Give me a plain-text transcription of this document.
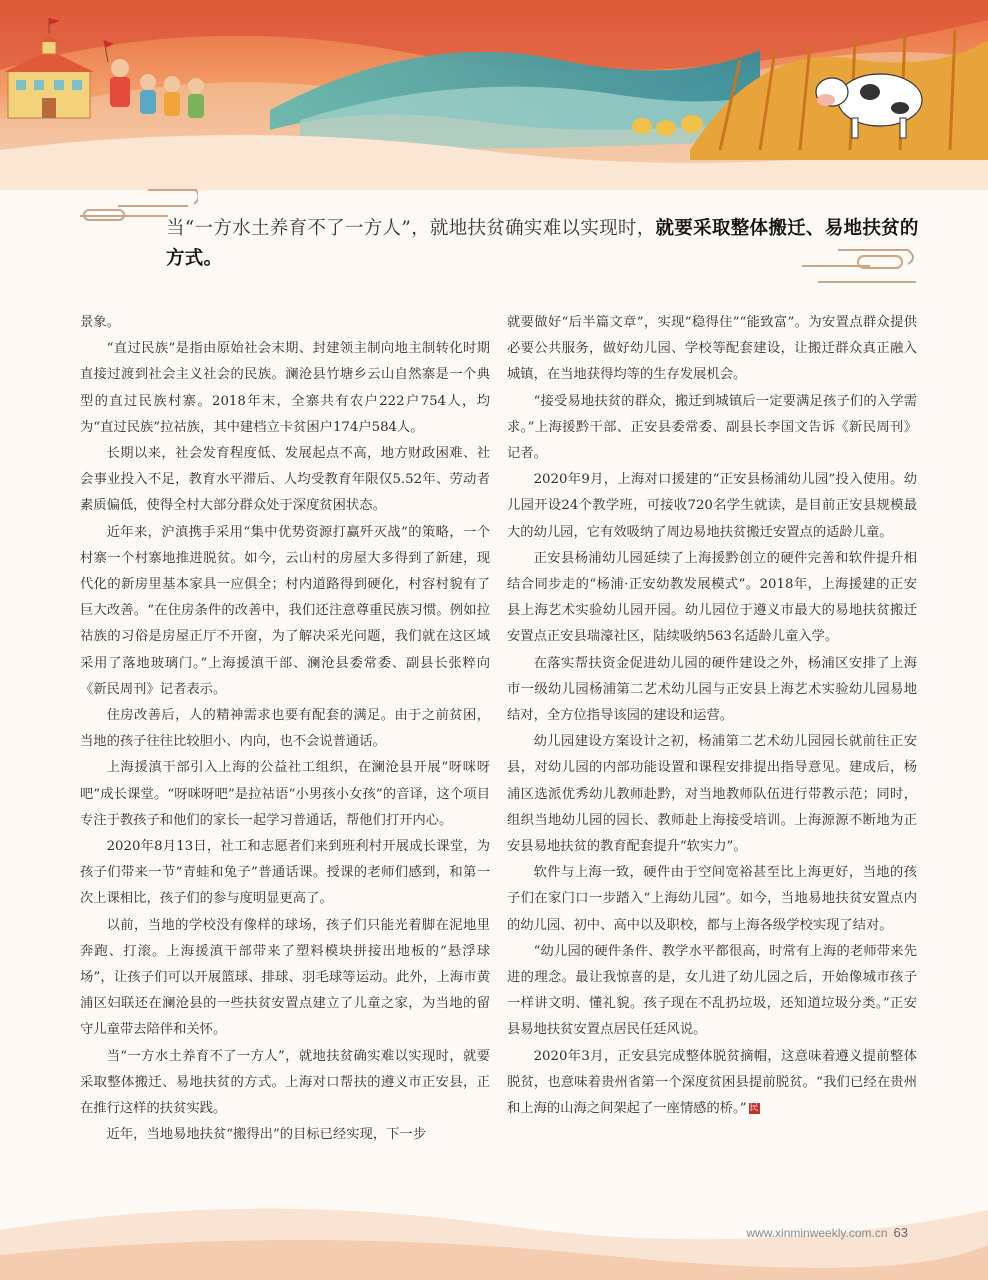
当“一方水土养育不了一方人”，就地扶贫确实难以实现时，就要采取整体搬迁、易地扶贫的方式。

景象。

“直过民族”是指由原始社会末期、封建领主制向地主制转化时期直接过渡到社会主义社会的民族。澜沧县竹塘乡云山自然寨是一个典型的直过民族村寨。2018年末，全寨共有农户222户754人，均为“直过民族”拉祜族，其中建档立卡贫困户174户584人。

长期以来，社会发育程度低、发展起点不高，地方财政困难、社会事业投入不足，教育水平滞后、人均受教育年限仅5.52年、劳动者素质偏低，使得全村大部分群众处于深度贫困状态。

近年来，沪滇携手采用“集中优势资源打赢歼灭战”的策略，一个村寨一个村寨地推进脱贫。如今，云山村的房屋大多得到了新建，现代化的新房里基本家具一应俱全；村内道路得到硬化，村容村貌有了巨大改善。“在住房条件的改善中，我们还注意尊重民族习惯。例如拉祜族的习俗是房屋正厅不开窗，为了解决采光问题，我们就在这区域采用了落地玻璃门。”上海援滇干部、澜沧县委常委、副县长张粹向《新民周刊》记者表示。

住房改善后，人的精神需求也要有配套的满足。由于之前贫困，当地的孩子往往比较胆小、内向，也不会说普通话。

上海援滇干部引入上海的公益社工组织，在澜沧县开展“呀咪呀吧”成长课堂。“呀咪呀吧”是拉祜语“小男孩小女孩”的音译，这个项目专注于教孩子和他们的家长一起学习普通话，帮他们打开内心。

2020年8月13日，社工和志愿者们来到班利村开展成长课堂，为孩子们带来一节“青蛙和兔子”普通话课。授课的老师们感到，和第一次上课相比，孩子们的参与度明显更高了。

以前，当地的学校没有像样的球场，孩子们只能光着脚在泥地里奔跑、打滚。上海援滇干部带来了塑料模块拼接出地板的“悬浮球场”，让孩子们可以开展篮球、排球、羽毛球等运动。此外，上海市黄浦区妇联还在澜沧县的一些扶贫安置点建立了儿童之家，为当地的留守儿童带去陪伴和关怀。

当“一方水土养育不了一方人”，就地扶贫确实难以实现时，就要采取整体搬迁、易地扶贫的方式。上海对口帮扶的遵义市正安县，正在推行这样的扶贫实践。

近年，当地易地扶贫“搬得出”的目标已经实现，下一步

就要做好“后半篇文章”，实现“稳得住”“能致富”。为安置点群众提供必要公共服务，做好幼儿园、学校等配套建设，让搬迁群众真正融入城镇，在当地获得均等的生存发展机会。

“接受易地扶贫的群众，搬迁到城镇后一定要满足孩子们的入学需求。”上海援黔干部、正安县委常委、副县长李国文告诉《新民周刊》记者。

2020年9月，上海对口援建的“正安县杨浦幼儿园”投入使用。幼儿园开设24个教学班，可接收720名学生就读，是目前正安县规模最大的幼儿园，它有效吸纳了周边易地扶贫搬迁安置点的适龄儿童。

正安县杨浦幼儿园延续了上海援黔创立的硬件完善和软件提升相结合同步走的“杨浦·正安幼教发展模式”。2018年，上海援建的正安县上海艺术实验幼儿园开园。幼儿园位于遵义市最大的易地扶贫搬迁安置点正安县瑞濠社区，陆续吸纳563名适龄儿童入学。

在落实帮扶资金促进幼儿园的硬件建设之外，杨浦区安排了上海市一级幼儿园杨浦第二艺术幼儿园与正安县上海艺术实验幼儿园易地结对，全方位指导该园的建设和运营。

幼儿园建设方案设计之初，杨浦第二艺术幼儿园园长就前往正安县，对幼儿园的内部功能设置和课程安排提出指导意见。建成后，杨浦区选派优秀幼儿教师赴黔，对当地教师队伍进行带教示范；同时，组织当地幼儿园的园长、教师赴上海接受培训。上海源源不断地为正安县易地扶贫的教育配套提升“软实力”。

软件与上海一致，硬件由于空间宽裕甚至比上海更好，当地的孩子们在家门口一步踏入“上海幼儿园”。如今，当地易地扶贫安置点内的幼儿园、初中、高中以及职校，都与上海各级学校实现了结对。

“幼儿园的硬件条件、教学水平都很高，时常有上海的老师带来先进的理念。最让我惊喜的是，女儿进了幼儿园之后，开始像城市孩子一样讲文明、懂礼貌。孩子现在不乱扔垃圾，还知道垃圾分类。”正安县易地扶贫安置点居民任廷风说。

2020年3月，正安县完成整体脱贫摘帽，这意味着遵义提前整体脱贫，也意味着贵州省第一个深度贫困县提前脱贫。“我们已经在贵州和上海的山海之间架起了一座情感的桥。” 民

www.xinminweekly.com.cn 63
